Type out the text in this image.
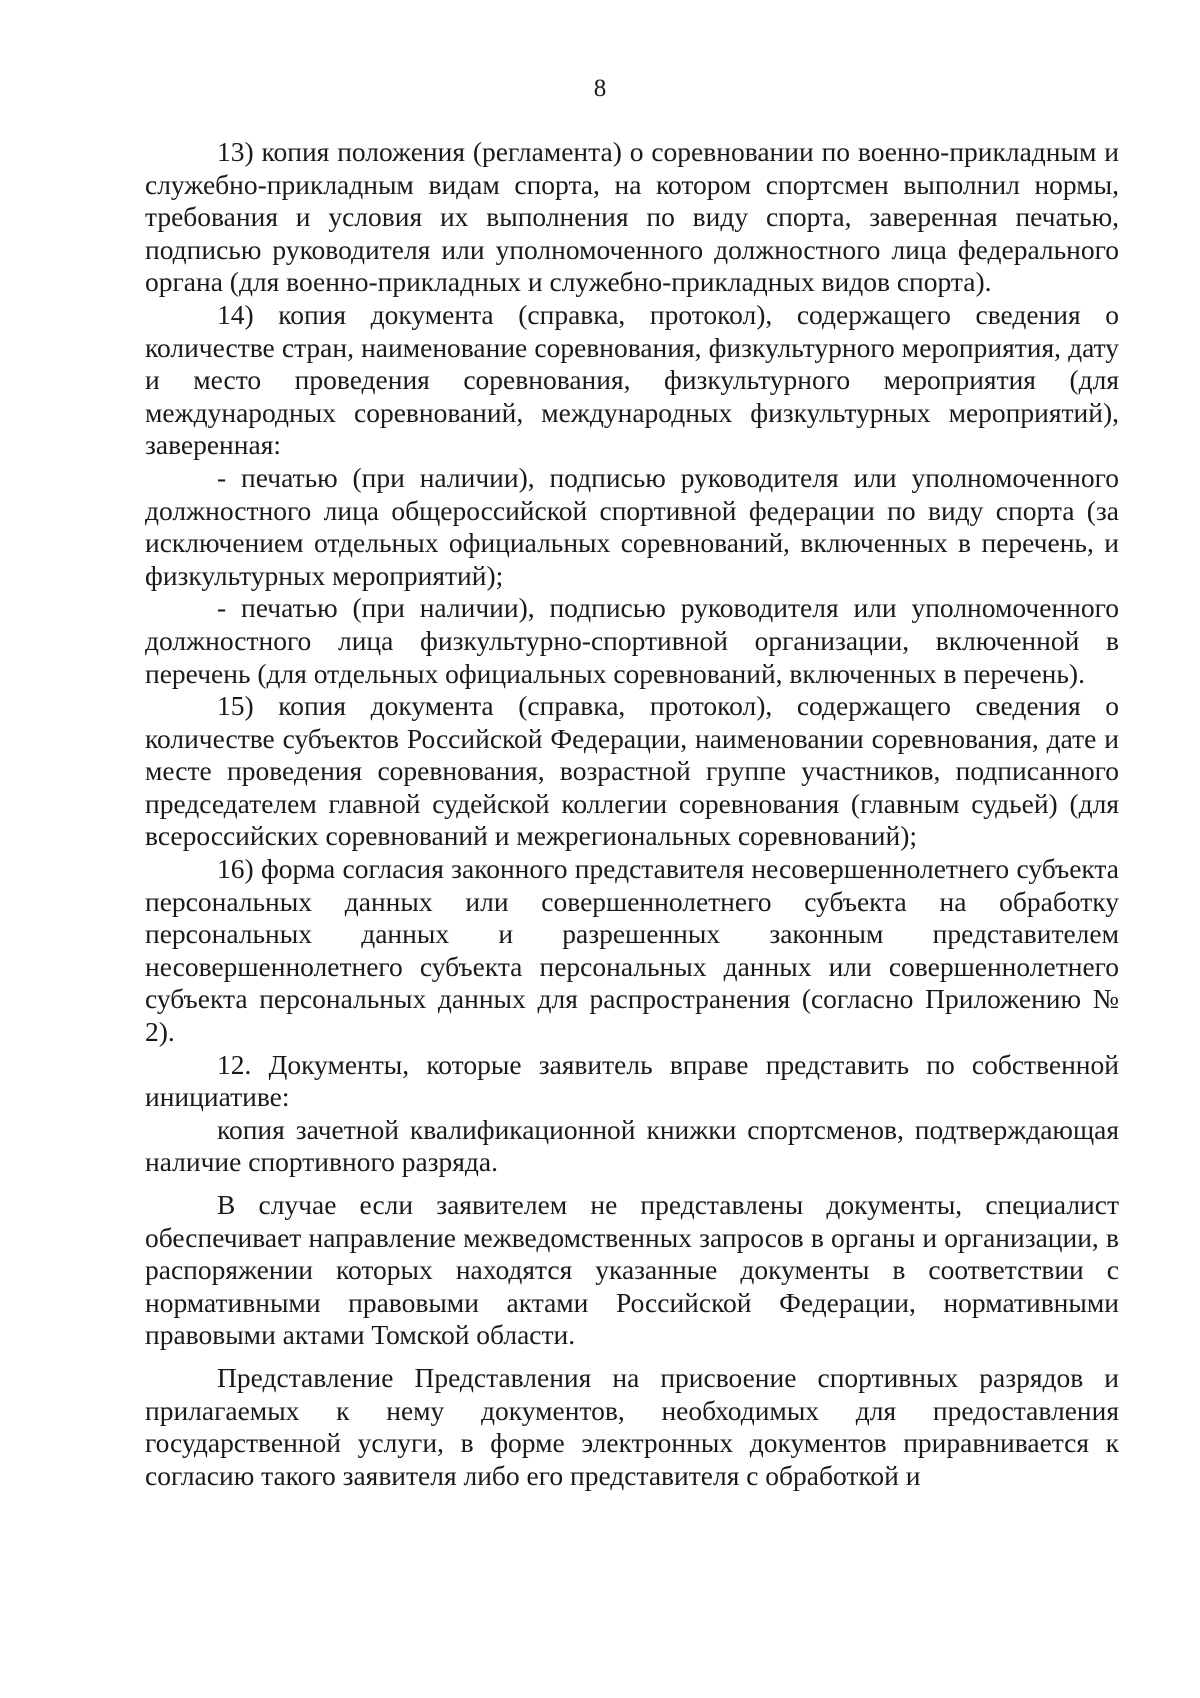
8

13) копия положения (регламента) о соревновании по военно-прикладным и служебно-прикладным видам спорта, на котором спортсмен выполнил нормы, требования и условия их выполнения по виду спорта, заверенная печатью, подписью руководителя или уполномоченного должностного лица федерального органа (для военно-прикладных и служебно-прикладных видов спорта).

14) копия документа (справка, протокол), содержащего сведения о количестве стран, наименование соревнования, физкультурного мероприятия, дату и место проведения соревнования, физкультурного мероприятия (для международных соревнований, международных физкультурных мероприятий), заверенная:

- печатью (при наличии), подписью руководителя или уполномоченного должностного лица общероссийской спортивной федерации по виду спорта (за исключением отдельных официальных соревнований, включенных в перечень, и физкультурных мероприятий);

- печатью (при наличии), подписью руководителя или уполномоченного должностного лица физкультурно-спортивной организации, включенной в перечень (для отдельных официальных соревнований, включенных в перечень).

15) копия документа (справка, протокол), содержащего сведения о количестве субъектов Российской Федерации, наименовании соревнования, дате и месте проведения соревнования, возрастной группе участников, подписанного председателем главной судейской коллегии соревнования (главным судьей) (для всероссийских соревнований и межрегиональных соревнований);

16) форма согласия законного представителя несовершеннолетнего субъекта персональных данных или совершеннолетнего субъекта на обработку персональных данных и разрешенных законным представителем несовершеннолетнего субъекта персональных данных или совершеннолетнего субъекта персональных данных для распространения (согласно Приложению № 2).

12. Документы, которые заявитель вправе представить по собственной инициативе:

копия зачетной квалификационной книжки спортсменов, подтверждающая наличие спортивного разряда.

В случае если заявителем не представлены документы, специалист обеспечивает направление межведомственных запросов в органы и организации, в распоряжении которых находятся указанные документы в соответствии с нормативными правовыми актами Российской Федерации, нормативными правовыми актами Томской области.

Представление Представления на присвоение спортивных разрядов и прилагаемых к нему документов, необходимых для предоставления государственной услуги, в форме электронных документов приравнивается к согласию такого заявителя либо его представителя с обработкой и
